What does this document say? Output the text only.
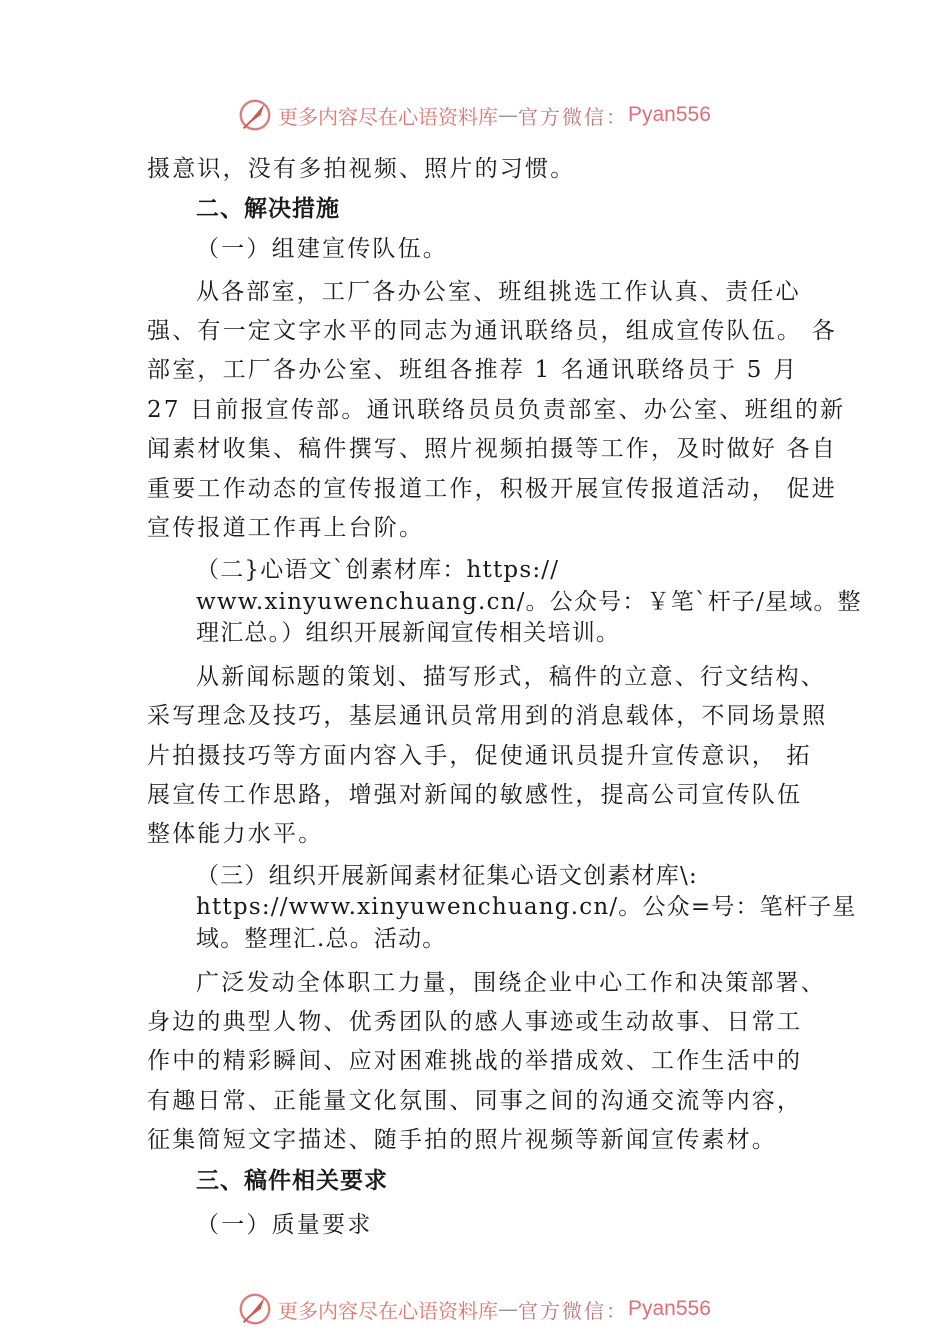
更多内容尽在心语资料库 — 官方微信： Pyan556
摄意识，没有多拍视频、照片的习惯。
二、解决措施
（一）组建宣传队伍。
从各部室，工厂各办公室、班组挑选工作认真、责任心
强、有一定文字水平的同志为通讯联络员，组成宣传队伍。 各
部室，工厂各办公室、班组各推荐 1 名通讯联络员于 5 月
27 日前报宣传部。通讯联络员员负责部室、办公室、班组的新
闻素材收集、稿件撰写、照片视频拍摄等工作，及时做好 各自
重要工作动态的宣传报道工作，积极开展宣传报道活动， 促进
宣传报道工作再上台阶。
（二}心语文`创素材库：https://
www.xinyuwenchuang.cn/。公众号：￥笔`杆子/星域。整
理汇总。）组织开展新闻宣传相关培训。
从新闻标题的策划、描写形式，稿件的立意、行文结构、
采写理念及技巧，基层通讯员常用到的消息载体，不同场景照
片拍摄技巧等方面内容入手，促使通讯员提升宣传意识， 拓
展宣传工作思路，增强对新闻的敏感性，提高公司宣传队伍
整体能力水平。
（三）组织开展新闻素材征集心语文创素材库\:
https://www.xinyuwenchuang.cn/。公众=号：笔杆子星
域。整理汇.总。活动。
广泛发动全体职工力量，围绕企业中心工作和决策部署、
身边的典型人物、优秀团队的感人事迹或生动故事、日常工
作中的精彩瞬间、应对困难挑战的举措成效、工作生活中的
有趣日常、正能量文化氛围、同事之间的沟通交流等内容，
征集简短文字描述、随手拍的照片视频等新闻宣传素材。
三、稿件相关要求
（一）质量要求
更多内容尽在心语资料库 — 官方微信： Pyan556
